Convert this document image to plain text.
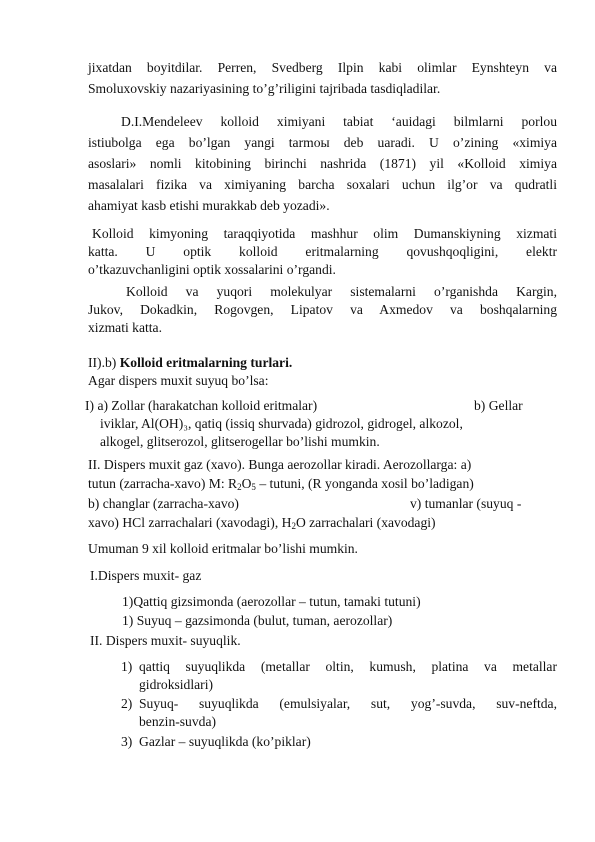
jixatdan boyitdilar. Perren, Svedberg Ilpin kabi olimlar Eynshteyn va
Smoluxovskiy nazariyasining to’g’riligini tajribada tasdiqladilar.
D.I.Mendeleev kolloid ximiyani tabiat ‘auidagi bilmlarni porlou
istiubolga ega bo’lgan yangi tarmoы deb uaradi. U o’zining «ximiya
asoslari» nomli kitobining birinchi nashrida (1871) yil «Kolloid ximiya
masalalari fizika va ximiyaning barcha soxalari uchun ilg’or va qudratli
ahamiyat kasb etishi murakkab deb yozadi».
Kolloid kimyoning taraqqiyotida mashhur olim Dumanskiyning xizmati
katta. U optik kolloid eritmalarning qovushqoqligini, elektr
o’tkazuvchanligini optik xossalarini o’rgandi.
Kolloid va yuqori molekulyar sistemalarni o’rganishda Kargin,
Jukov, Dokadkin, Rogovgen, Lipatov va Axmedov va boshqalarning
xizmati katta.
II).b) Kolloid eritmalarning turlari.
Agar dispers muxit suyuq bo’lsa:
I) a) Zollar (harakatchan kolloid eritmalar)	b) Gellar
iviklar, Al(OH)₃, qatiq (issiq shurvada) gidrozol, gidrogel, alkozol,
alkogel, glitserozol, glitserogellar bo’lishi mumkin.
II. Dispers muxit gaz (xavo). Bunga aerozollar kiradi. Aerozollarga: a)
tutun (zarracha-xavo) M: $R_2O_5$ – tutuni, (R yonganda xosil bo’ladigan)
b) changlar (zarracha-xavo)	v) tumanlar (suyuq -
xavo) HCl zarrachalari (xavodagi), $H_2O$ zarrachalari (xavodagi)
Umuman 9 xil kolloid eritmalar bo’lishi mumkin.
I.Dispers muxit- gaz
1)Qattiq gizsimonda (aerozollar – tutun, tamaki tutuni)
1) Suyuq – gazsimonda (bulut, tuman, aerozollar)
II. Dispers muxit- suyuqlik.
1) qattiq suyuqlikda (metallar oltin, kumush, platina va metallar
gidroksidlari)
2) Suyuq- suyuqlikda (emulsiyalar, sut, yog’-suvda, suv-neftda,
benzin-suvda)
3) Gazlar – suyuqlikda (ko’piklar)
